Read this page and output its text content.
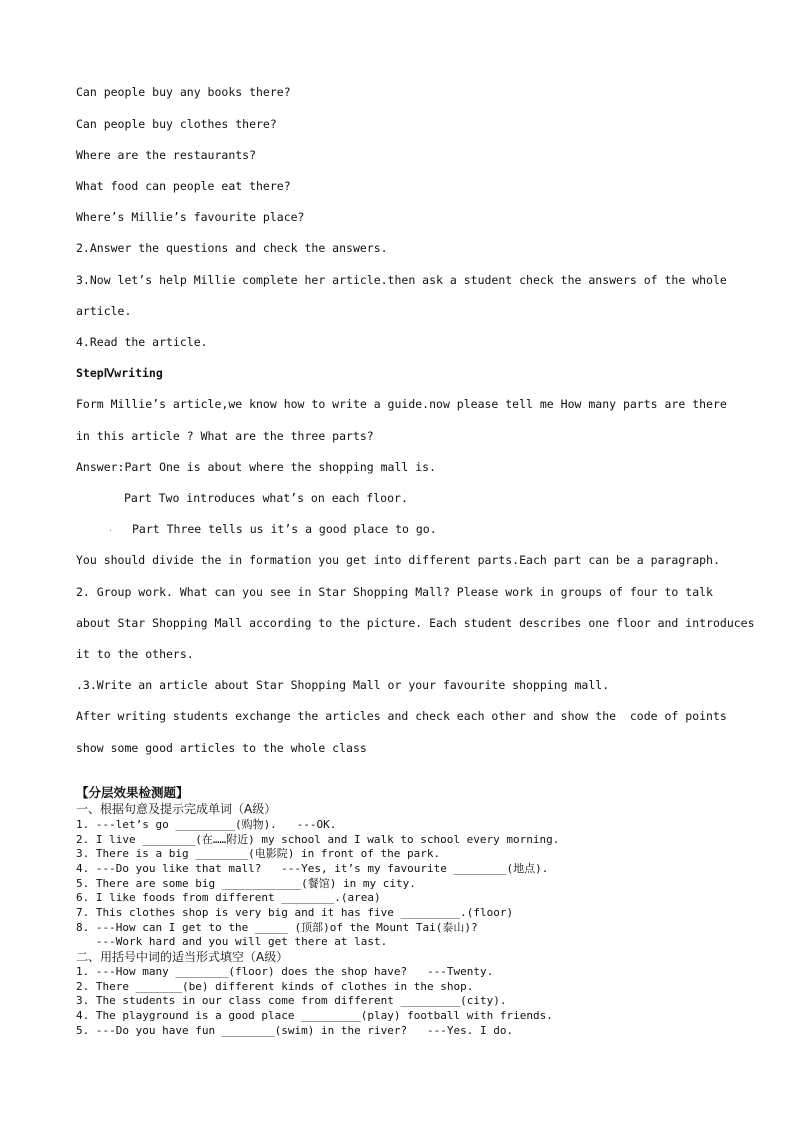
Can people buy any books there?

Can people buy clothes there?

Where are the restaurants?

What food can people eat there?

Where’s Millie’s favourite place?

2.Answer the questions and check the answers.

3.Now let’s help Millie complete her article.then ask a student check the answers of the whole

article.

4.Read the article.

StepⅣwriting

Form Millie’s article,we know how to write a guide.now please tell me How many parts are there

in this article ? What are the three parts?

Answer:Part One is about where the shopping mall is.

Part Two introduces what’s on each floor.

. Part Three tells us it’s a good place to go.

You should divide the in formation you get into different parts.Each part can be a paragraph.

2. Group work. What can you see in Star Shopping Mall? Please work in groups of four to talk

about Star Shopping Mall according to the picture. Each student describes one floor and introduces

it to the others.

.3.Write an article about Star Shopping Mall or your favourite shopping mall.

After writing students exchange the articles and check each other and show the  code of points

show some good articles to the whole class

【分层效果检测题】

一、根据句意及提示完成单词（A级）

1. ---let’s go _________(购物).   ---OK.

2. I live ________(在……附近) my school and I walk to school every morning.

3. There is a big ________(电影院) in front of the park.

4. ---Do you like that mall?   ---Yes, it’s my favourite ________(地点).

5. There are some big ____________(餐馆) in my city.

6. I like foods from different ________.(area)

7. This clothes shop is very big and it has five _________.(floor)

8. ---How can I get to the _____ (顶部)of the Mount Tai(泰山)?

---Work hard and you will get there at last.

二、用括号中词的适当形式填空（A级）

1. ---How many ________(floor) does the shop have?   ---Twenty.

2. There _______(be) different kinds of clothes in the shop.

3. The students in our class come from different _________(city).

4. The playground is a good place _________(play) football with friends.

5. ---Do you have fun ________(swim) in the river?   ---Yes. I do.
